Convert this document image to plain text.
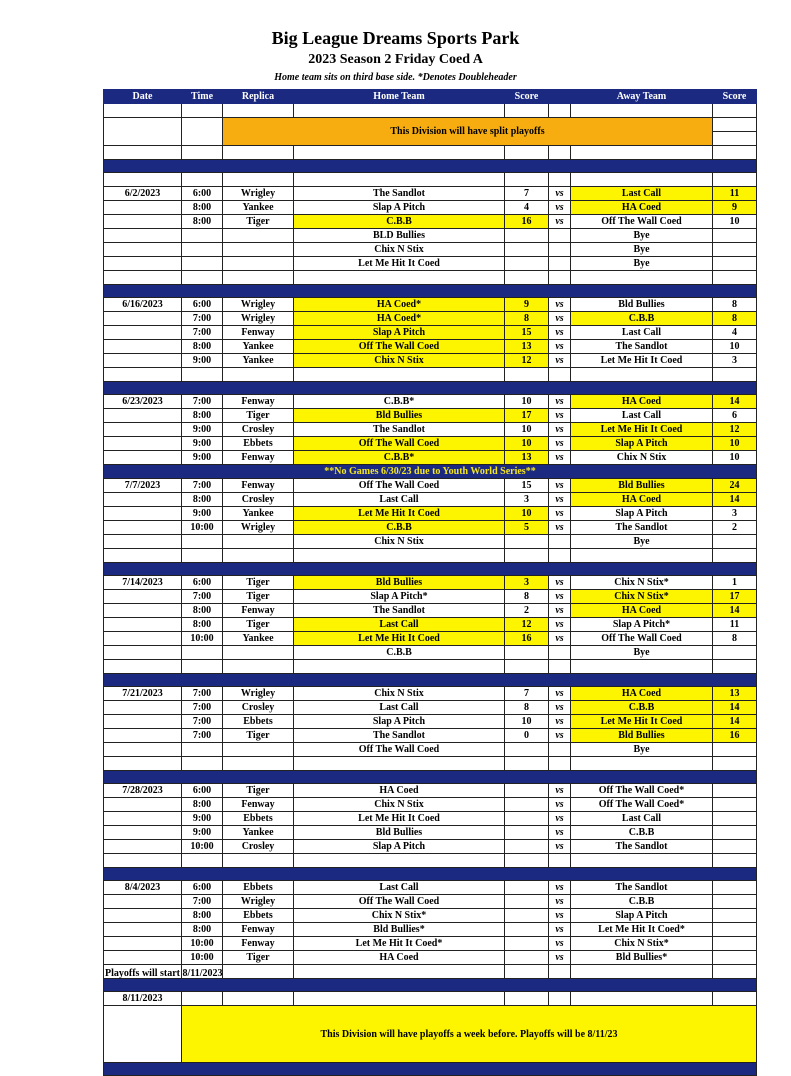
Big League Dreams Sports Park
2023 Season 2 Friday Coed A
Home team sits on third base side. *Denotes Doubleheader
Date	Time	Replica	Home Team	Score		Away Team	Score

		This Division will have split playoffs					

6/2/2023	6:00	Wrigley	The Sandlot	7	vs	Last Call	11
	8:00	Yankee	Slap A Pitch	4	vs	HA Coed	9
	8:00	Tiger	C.B.B	16	vs	Off The Wall Coed	10
			BLD Bullies			Bye	
			Chix N Stix			Bye	
			Let Me Hit It Coed			Bye	

6/16/2023	6:00	Wrigley	HA Coed*	9	vs	Bld Bullies	8
	7:00	Wrigley	HA Coed*	8	vs	C.B.B	8
	7:00	Fenway	Slap A Pitch	15	vs	Last Call	4
	8:00	Yankee	Off The Wall Coed	13	vs	The Sandlot	10
	9:00	Yankee	Chix N Stix	12	vs	Let Me Hit It Coed	3

6/23/2023	7:00	Fenway	C.B.B*	10	vs	HA Coed	14
	8:00	Tiger	Bld Bullies	17	vs	Last Call	6
	9:00	Crosley	The Sandlot	10	vs	Let Me Hit It Coed	12
	9:00	Ebbets	Off The Wall Coed	10	vs	Slap A Pitch	10
	9:00	Fenway	C.B.B*	13	vs	Chix N Stix	10
**No Games 6/30/23 due to Youth World Series**							
7/7/2023	7:00	Fenway	Off The Wall Coed	15	vs	Bld Bullies	24
	8:00	Crosley	Last Call	3	vs	HA Coed	14
	9:00	Yankee	Let Me Hit It Coed	10	vs	Slap A Pitch	3
	10:00	Wrigley	C.B.B	5	vs	The Sandlot	2
			Chix N Stix			Bye	

7/14/2023	6:00	Tiger	Bld Bullies	3	vs	Chix N Stix*	1
	7:00	Tiger	Slap A Pitch*	8	vs	Chix N Stix*	17
	8:00	Fenway	The Sandlot	2	vs	HA Coed	14
	8:00	Tiger	Last Call	12	vs	Slap A Pitch*	11
	10:00	Yankee	Let Me Hit It Coed	16	vs	Off The Wall Coed	8
			C.B.B			Bye	

7/21/2023	7:00	Wrigley	Chix N Stix	7	vs	HA Coed	13
	7:00	Crosley	Last Call	8	vs	C.B.B	14
	7:00	Ebbets	Slap A Pitch	10	vs	Let Me Hit It Coed	14
	7:00	Tiger	The Sandlot	0	vs	Bld Bullies	16
			Off The Wall Coed			Bye	

7/28/2023	6:00	Tiger	HA Coed		vs	Off The Wall Coed*	
	8:00	Fenway	Chix N Stix		vs	Off The Wall Coed*	
	9:00	Ebbets	Let Me Hit It Coed		vs	Last Call	
	9:00	Yankee	Bld Bullies		vs	C.B.B	
	10:00	Crosley	Slap A Pitch		vs	The Sandlot	

8/4/2023	6:00	Ebbets	Last Call		vs	The Sandlot	
	7:00	Wrigley	Off The Wall Coed		vs	C.B.B	
	8:00	Ebbets	Chix N Stix*		vs	Slap A Pitch	
	8:00	Fenway	Bld Bullies*		vs	Let Me Hit It Coed*	
	10:00	Fenway	Let Me Hit It Coed*		vs	Chix N Stix*	
	10:00	Tiger	HA Coed		vs	Bld Bullies*	

8/11/2023							
	This Division will have playoffs a week before. Playoffs will be 8/11/23						

Playoffs will start 8/11/2023
